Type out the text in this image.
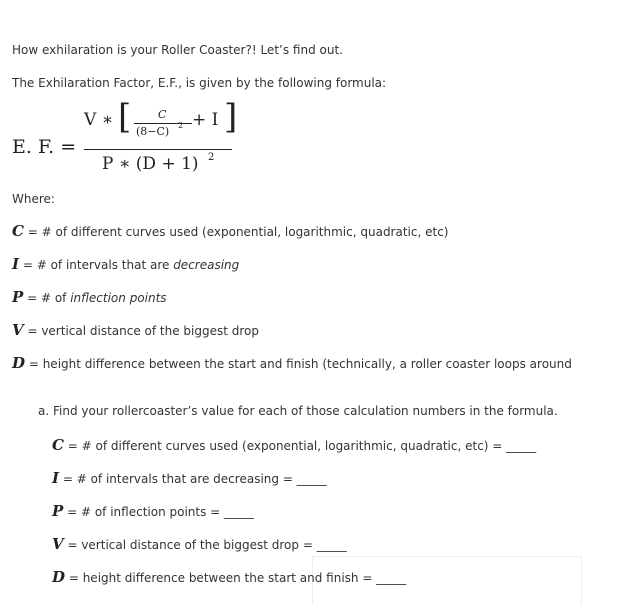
How exhilaration is your Roller Coaster?! Let’s find out.
The Exhilaration Factor, E.F., is given by the following formula:
E. F. =
V ∗ [ C
(8−C) 2 + I ]
P ∗ (D + 1) 2
Where:
C = # of different curves used (exponential, logarithmic, quadratic, etc)
I = # of intervals that are decreasing
P = # of inflection points
V = vertical distance of the biggest drop
D = height difference between the start and finish (technically, a roller coaster loops around
a. Find your rollercoaster’s value for each of those calculation numbers in the formula.
C = # of different curves used (exponential, logarithmic, quadratic, etc) = _____
I = # of intervals that are decreasing = _____
P = # of inflection points = _____
V = vertical distance of the biggest drop = _____
D = height difference between the start and finish = _____
